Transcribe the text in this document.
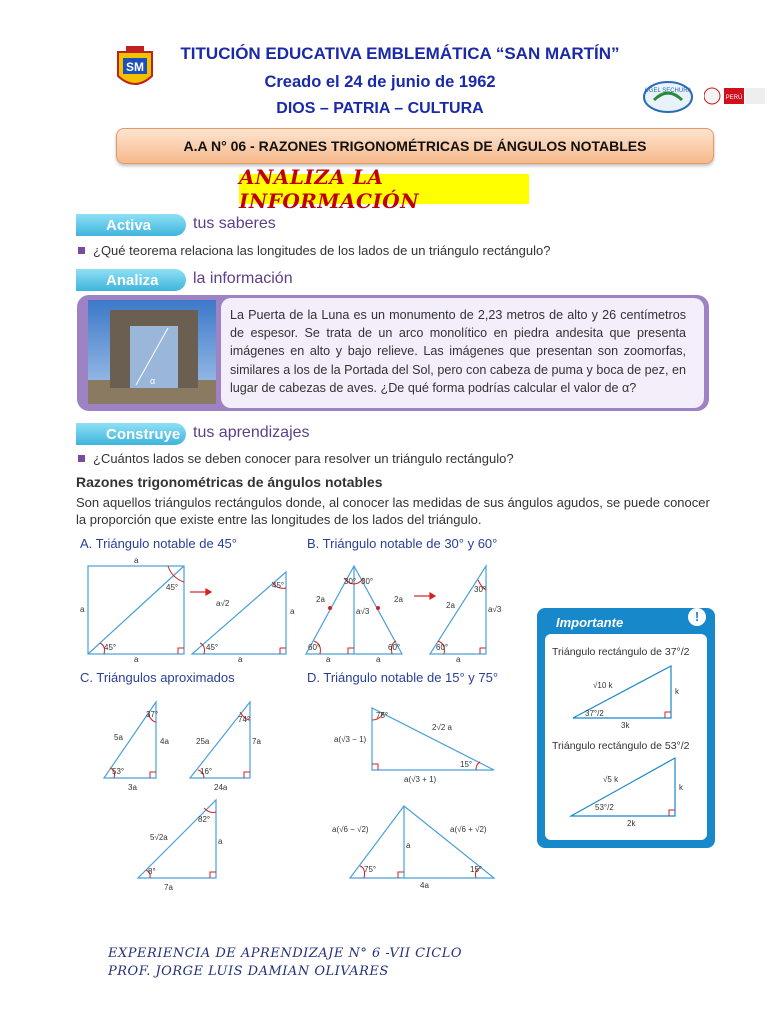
SM
TITUCIÓN EDUCATIVA EMBLEMÁTICA “SAN MARTÍN”
Creado el 24 de junio de 1962
DIOS – PATRIA – CULTURA
UGEL SECHURA
PERÚ
A.A N° 06 - RAZONES TRIGONOMÉTRICAS DE ÁNGULOS NOTABLES
ANALIZA LA INFORMACIÓN
Activa	tus saberes
¿Qué teorema relaciona las longitudes de los lados de un triángulo rectángulo?
Analiza	la información
α
La Puerta de la Luna es un monumento de 2,23 metros de alto y 26 centímetros de espesor. Se trata de un arco monolítico en piedra andesita que presenta imágenes en alto y bajo relieve. Las imágenes que presentan son zoomorfas, similares a los de la Portada del Sol, pero con cabeza de puma y boca de pez, en lugar de cabezas de aves. ¿De qué forma podrías calcular el valor de α?
Construye tus aprendizajes
¿Cuántos lados se deben conocer para resolver un triángulo rectángulo?
Razones trigonométricas de ángulos notables
Son aquellos triángulos rectángulos donde, al conocer las medidas de sus ángulos agudos, se puede conocer la proporción que existe entre las longitudes de los lados del triángulo.
A. Triángulo notable de 45°	B. Triángulo notable de 30° y 60°
C. Triángulos aproximados	D. Triángulo notable de 15° y 75°
a
a
a
45°
45°
a√2
a
a
45°
45°
30° 30°
2a	2a
a√3
60°	60°
a	a
30°
2a	a√3
60°
a
37°
5a	4a
53°
3a
74°
25a	7a
16°
24a
82°
5√2a	a
8°
7a
75°
2√2 a
a(√3 − 1)
15°
a(√3 + 1)
a(√6 − √2)	a(√6 + √2)
a
75°	15°
4a
Importante	!
Triángulo rectángulo de 37°/2
Triángulo rectángulo de 53°/2
√10 k
k
37°/2
3k
√5 k
k
53°/2
2k
EXPERIENCIA DE APRENDIZAJE N° 6 -VII CICLO
PROF. JORGE LUIS DAMIAN OLIVARES
